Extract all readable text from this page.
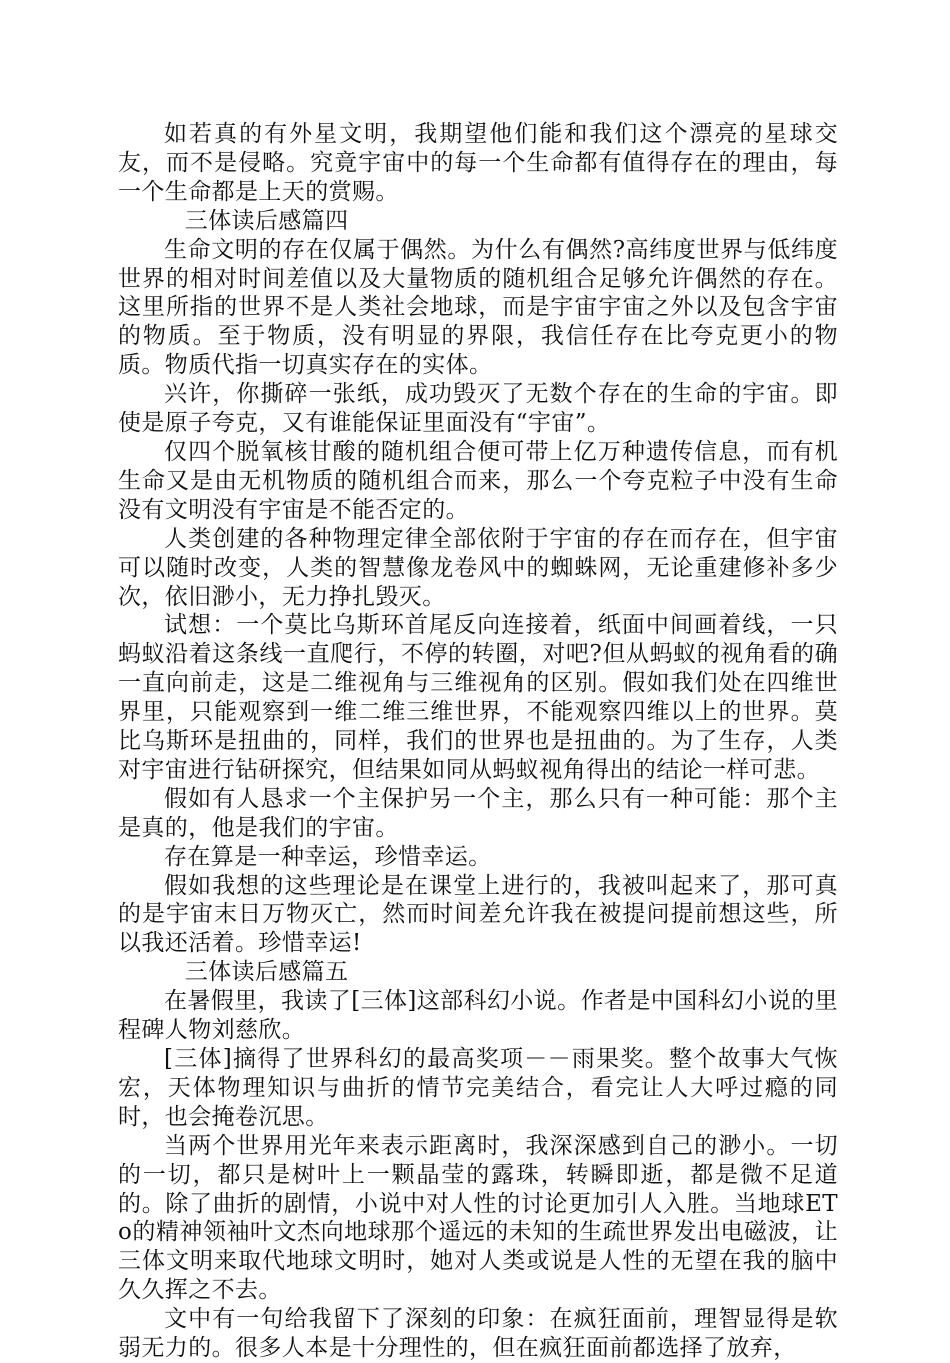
如若真的有外星文明，我期望他们能和我们这个漂亮的星球交友，而不是侵略。究竟宇宙中的每一个生命都有值得存在的理由，每一个生命都是上天的赏赐。

三体读后感篇四

生命文明的存在仅属于偶然。为什么有偶然?高纬度世界与低纬度世界的相对时间差值以及大量物质的随机组合足够允许偶然的存在。这里所指的世界不是人类社会地球，而是宇宙宇宙之外以及包含宇宙的物质。至于物质，没有明显的界限，我信任存在比夸克更小的物质。物质代指一切真实存在的实体。

兴许，你撕碎一张纸，成功毁灭了无数个存在的生命的宇宙。即使是原子夸克，又有谁能保证里面没有“宇宙”。

仅四个脱氧核甘酸的随机组合便可带上亿万种遗传信息，而有机生命又是由无机物质的随机组合而来，那么一个夸克粒子中没有生命没有文明没有宇宙是不能否定的。

人类创建的各种物理定律全部依附于宇宙的存在而存在，但宇宙可以随时改变，人类的智慧像龙卷风中的蜘蛛网，无论重建修补多少次，依旧渺小，无力挣扎毁灭。

试想：一个莫比乌斯环首尾反向连接着，纸面中间画着线，一只蚂蚁沿着这条线一直爬行，不停的转圈，对吧?但从蚂蚁的视角看的确一直向前走，这是二维视角与三维视角的区别。假如我们处在四维世界里，只能观察到一维二维三维世界，不能观察四维以上的世界。莫比乌斯环是扭曲的，同样，我们的世界也是扭曲的。为了生存，人类对宇宙进行钻研探究，但结果如同从蚂蚁视角得出的结论一样可悲。

假如有人恳求一个主保护另一个主，那么只有一种可能：那个主是真的，他是我们的宇宙。

存在算是一种幸运，珍惜幸运。

假如我想的这些理论是在课堂上进行的，我被叫起来了，那可真的是宇宙末日万物灭亡，然而时间差允许我在被提问提前想这些，所以我还活着。珍惜幸运!

三体读后感篇五

在暑假里，我读了[三体]这部科幻小说。作者是中国科幻小说的里程碑人物刘慈欣。

[三体]摘得了世界科幻的最高奖项－－雨果奖。整个故事大气恢宏，天体物理知识与曲折的情节完美结合，看完让人大呼过瘾的同时，也会掩卷沉思。

当两个世界用光年来表示距离时，我深深感到自己的渺小。一切的一切，都只是树叶上一颗晶莹的露珠，转瞬即逝，都是微不足道的。除了曲折的剧情，小说中对人性的讨论更加引人入胜。当地球ETo的精神领袖叶文杰向地球那个遥远的未知的生疏世界发出电磁波，让三体文明来取代地球文明时，她对人类或说是人性的无望在我的脑中久久挥之不去。

文中有一句给我留下了深刻的印象：在疯狂面前，理智显得是软弱无力的。很多人本是十分理性的，但在疯狂面前都选择了放弃，
